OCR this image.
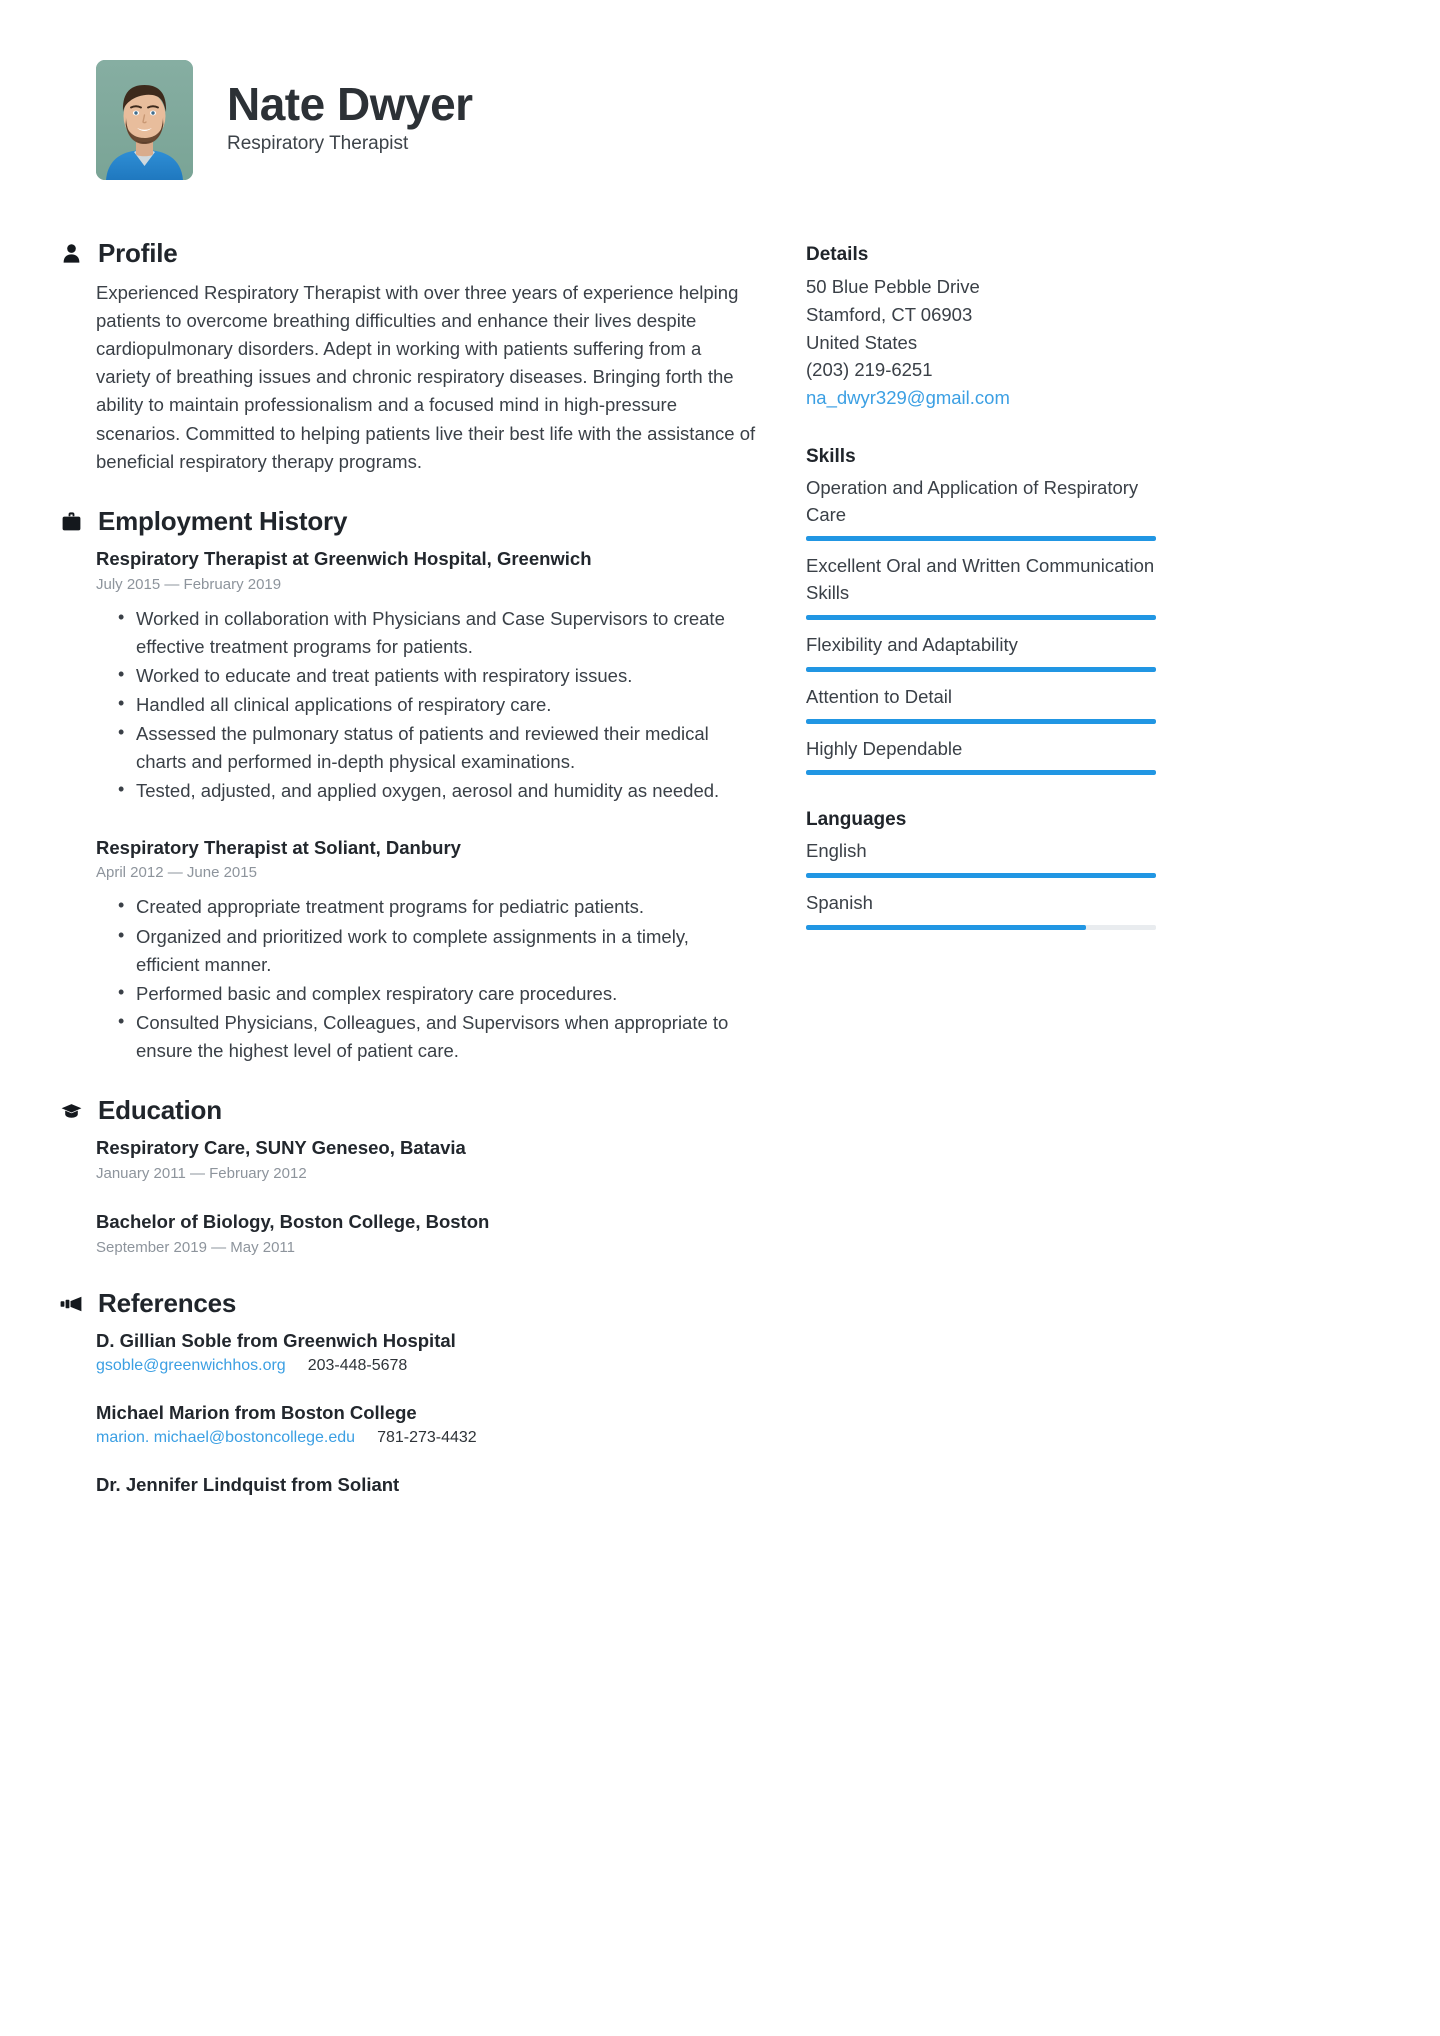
Nate Dwyer
Respiratory Therapist
Profile
Experienced Respiratory Therapist with over three years of experience helping patients to overcome breathing difficulties and enhance their lives despite cardiopulmonary disorders. Adept in working with patients suffering from a variety of breathing issues and chronic respiratory diseases. Bringing forth the ability to maintain professionalism and a focused mind in high-pressure scenarios. Committed to helping patients live their best life with the assistance of beneficial respiratory therapy programs.
Employment History
Respiratory Therapist at Greenwich Hospital, Greenwich
July 2015 — February 2019
• Worked in collaboration with Physicians and Case Supervisors to create effective treatment programs for patients.
• Worked to educate and treat patients with respiratory issues.
• Handled all clinical applications of respiratory care.
• Assessed the pulmonary status of patients and reviewed their medical charts and performed in-depth physical examinations.
• Tested, adjusted, and applied oxygen, aerosol and humidity as needed.
Respiratory Therapist at Soliant, Danbury
April 2012 — June 2015
• Created appropriate treatment programs for pediatric patients.
• Organized and prioritized work to complete assignments in a timely, efficient manner.
• Performed basic and complex respiratory care procedures.
• Consulted Physicians, Colleagues, and Supervisors when appropriate to ensure the highest level of patient care.
Education
Respiratory Care, SUNY Geneseo, Batavia
January 2011 — February 2012
Bachelor of Biology, Boston College, Boston
September 2019 — May 2011
References
D. Gillian Soble from Greenwich Hospital
gsoble@greenwichhos.org 203-448-5678
Michael Marion from Boston College
marion. michael@bostoncollege.edu 781-273-4432
Dr. Jennifer Lindquist from Soliant
Details
50 Blue Pebble Drive
Stamford, CT 06903
United States
(203) 219-6251
na_dwyr329@gmail.com
Skills
Operation and Application of Respiratory Care
Excellent Oral and Written Communication Skills
Flexibility and Adaptability
Attention to Detail
Highly Dependable
Languages
English
Spanish
